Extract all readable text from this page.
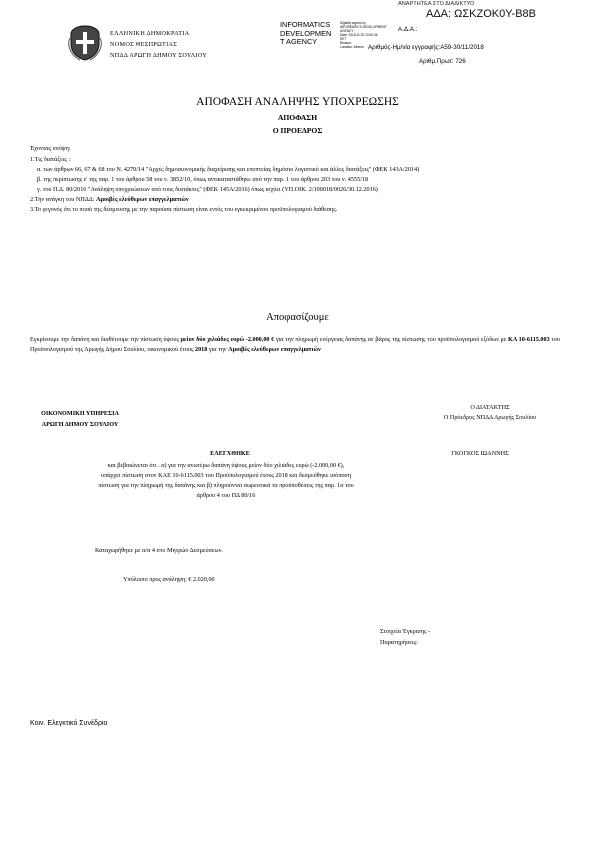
ΑΝΑΡΤΗΤΕΑ ΣΤΟ ΔΙΑΔΙΚΤΥΟ
ΑΔΑ: ΩΣΚΖΟΚ0Υ-Β8Β
ΕΛΛΗΝΙΚΗ ΔΗΜΟΚΡΑΤΙΑ
ΝΟΜΟΣ ΘΕΣΠΡΩΤΙΑΣ
ΝΠΔΔ ΑΡΩΓΗ ΔΗΜΟΥ ΣΟΥΛΙΟΥ
INFORMATICS
DEVELOPMEN
T AGENCY
Digitally signed by
INFORMATICS DEVELOPMENT AGENCY
Date: 2018.11.30 13:30:36
EET
Reason:
Location: Athens
Α.Δ.Α.:
Αριθμός-Ημ/νία εγγραφής:Α59-30/11/2018
Αριθμ.Πρωτ: 726
ΑΠΟΦΑΣΗ ΑΝΑΛΗΨΗΣ ΥΠΟΧΡΕΩΣΗΣ
ΑΠΟΦΑΣΗ
Ο ΠΡΟΕΔΡΟΣ

Έχοντας υπόψη:

1.Τις διατάξεις :

α. των άρθρων 66, 67 & 68 του Ν. 4270/14 "Αρχές δημοσιονομικής διαχείρισης και εποπτείας δημόσιο λογιστικό και άλλες διατάξεις" (ΦΕΚ 143Α/2014)

β. της περίπτωσης ε' της παρ. 1 του άρθρου 58 του ν. 3852/10, όπως αντικαταστάθηκε από την παρ. 1 του άρθρου 203 του ν. 4555/18

γ. του Π.Δ. 80/2016 "Ανάληψη υποχρεώσεων από τους διατάκτες" (ΦΕΚ 145Α/2016) όπως ισχύει (ΥΠ.ΟΙΚ. 2/100018/0026/30.12.2016)

2.Την ανάγκη του ΝΠΔΔ: Αμοιβές ελεύθερων επαγγελματιών

3.Το γεγονός ότι το ποσό της δέσμευσης με την παρούσα πίστωση είναι εντός του εγκεκριμένου προϋπολογισμού διάθεσης.

Αποφασίζουμε
Εγκρίνουμε την δαπάνη και διαθέτουμε την πίστωση ύψους μείον δύο χιλιάδες ευρώ -2.000,00 € για την πληρωμή ενέργειας δαπάνης σε βάρος της πίστωσης του προϋπολογισμού εξόδων με ΚΑ 10-6115.003 του Προϋπολογισμού της Αρωγής Δήμου Σουλίου, οικονομικού έτους 2018 για την Αμοιβές ελεύθερων επαγγελματιών
ΟΙΚΟΝΟΜΙΚΗ ΥΠΗΡΕΣΙΑ
ΑΡΩΓΗ ΔΗΜΟΥ ΣΟΥΛΙΟΥ
Ο ΔΙΑΤΑΚΤΗΣ
Ο Πρόεδρος ΝΠΔΔ Αρωγής Σουλίου
ΓΚΟΓΚΟΣ ΙΩΑΝΝΗΣ
ΕΛΕΓΧΘΗΚΕ
και βεβαιώνεται ότι . α) για την ανωτέρω δαπάνη ύψους μείον δύο χιλιάδες ευρώ (-2.000,00 €),
υπάρχει πίστωση στον ΚΑΕ 10-6115.003 του Προϋπολογισμού έτους 2018 και δεσμεύθηκε ισόποση
πίστωση για την πληρωμή της δαπάνης και β) πληρούνται σωρευτικά τα προϋποθέσεις της παρ. 1α του
άρθρου 4 του ΠΔ 80/16
Καταχωρήθηκε με α/α 4 στο Μητρώο Δεσμεύσεων.
Υπόλοιπο προς ανάληψη: € 2.020,00
Στοιχεία Έγκρισης -
Παρατηρήσεις:
Κοιν. Ελεγκτικό Συνέδριο
